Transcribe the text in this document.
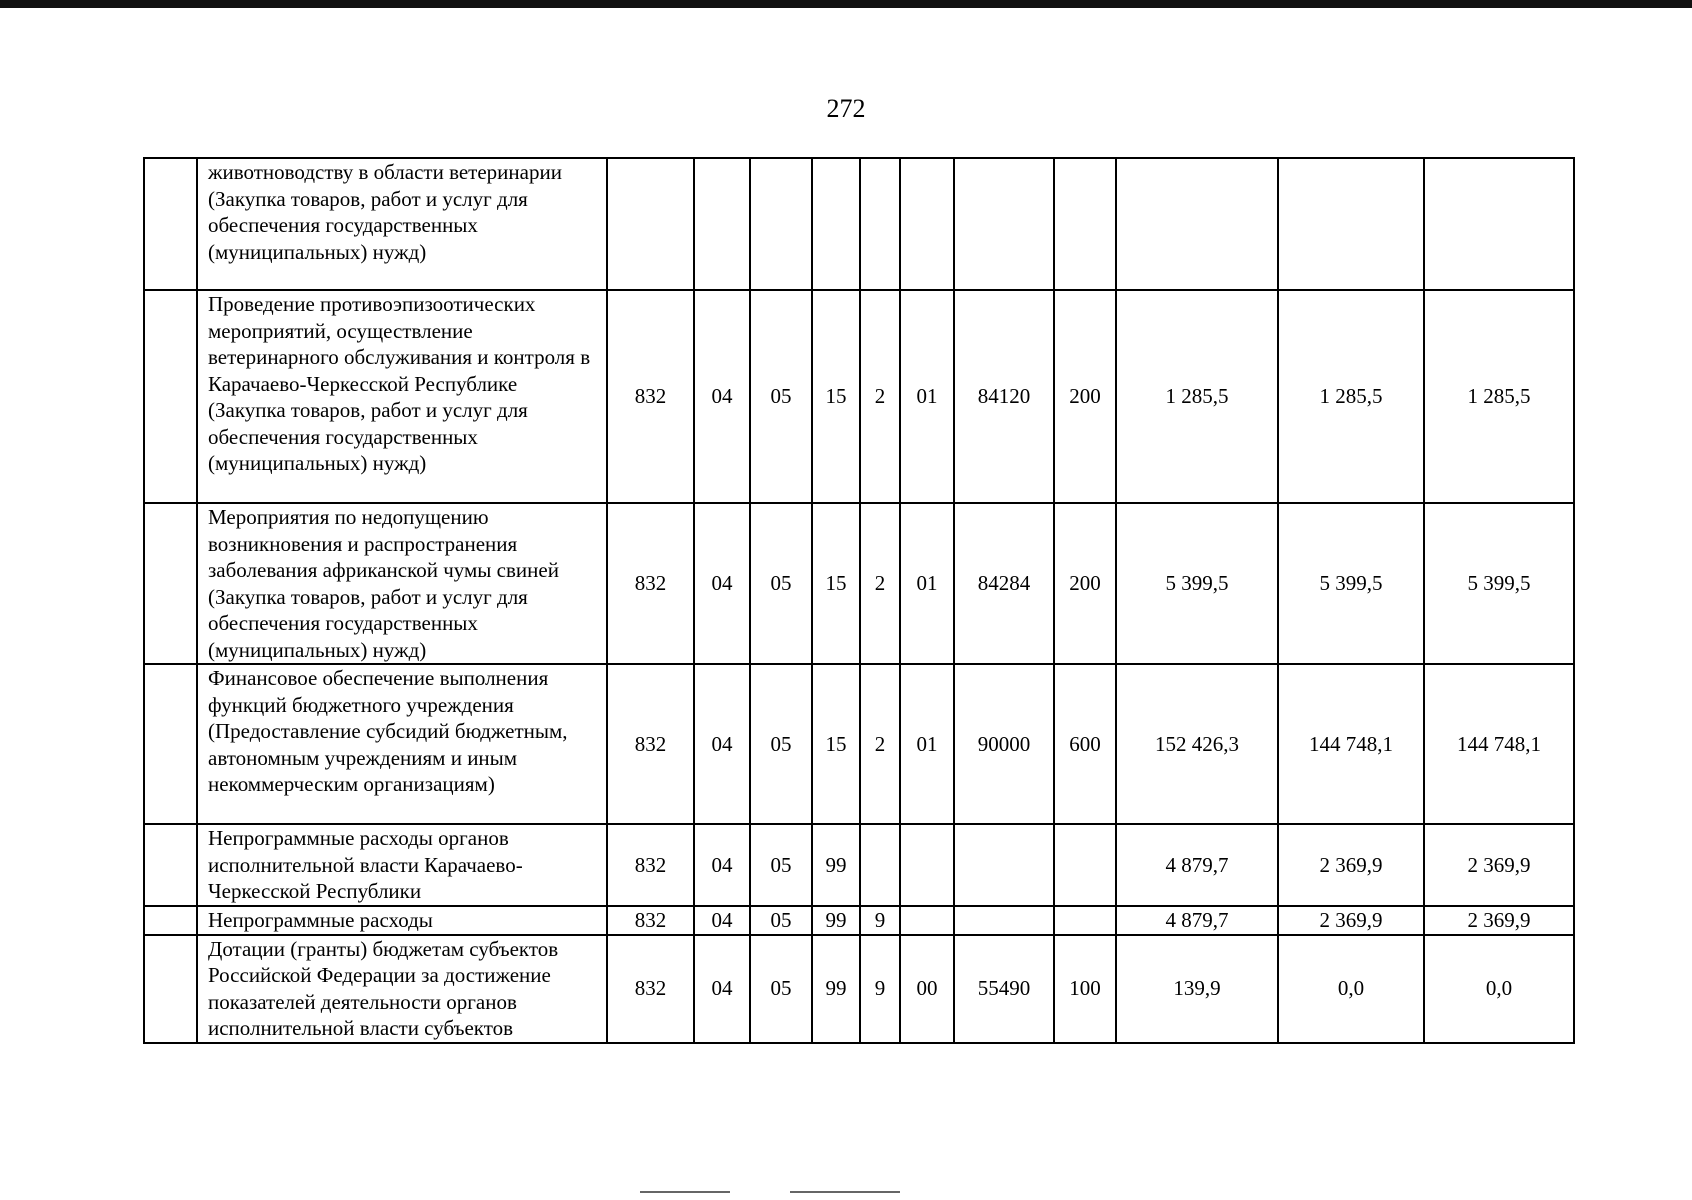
272
	животноводству в области ветеринарии (Закупка товаров, работ и услуг для обеспечения государственных (муниципальных) нужд)											
	Проведение противоэпизоотических мероприятий, осуществление ветеринарного обслуживания и контроля в Карачаево-Черкесской Республике (Закупка товаров, работ и услуг для обеспечения государственных (муниципальных) нужд)	832	04	05	15	2	01	84120	200	1 285,5	1 285,5	1 285,5
	Мероприятия по недопущению возникновения и распространения заболевания африканской чумы свиней (Закупка товаров, работ и услуг для обеспечения государственных (муниципальных) нужд)	832	04	05	15	2	01	84284	200	5 399,5	5 399,5	5 399,5
	Финансовое обеспечение выполнения функций бюджетного учреждения (Предоставление субсидий бюджетным, автономным учреждениям и иным некоммерческим организациям)	832	04	05	15	2	01	90000	600	152 426,3	144 748,1	144 748,1
	Непрограммные расходы органов исполнительной власти Карачаево-Черкесской Республики	832	04	05	99					4 879,7	2 369,9	2 369,9
	Непрограммные расходы	832	04	05	99	9				4 879,7	2 369,9	2 369,9
	Дотации (гранты) бюджетам субъектов Российской Федерации за достижение показателей деятельности органов исполнительной власти субъектов	832	04	05	99	9	00	55490	100	139,9	0,0	0,0
